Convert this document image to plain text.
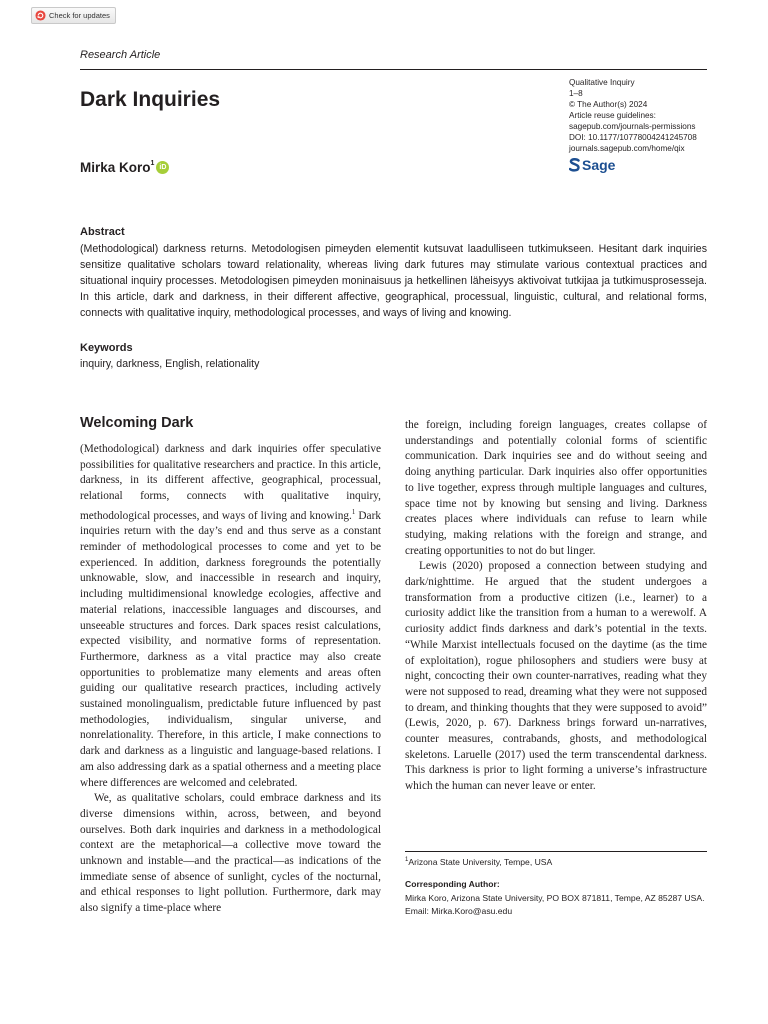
Check for updates
Research Article
Dark Inquiries
Mirka Koro$^1$
iD
Qualitative Inquiry
1–8
© The Author(s) 2024
Article reuse guidelines:
sagepub.com/journals-permissions
DOI: 10.1177/10778004241245708
journals.sagepub.com/home/qix
Sage
Abstract

(Methodological) darkness returns. Metodologisen pimeyden elementit kutsuvat laadulliseen tutkimukseen. Hesitant dark inquiries sensitize qualitative scholars toward relationality, whereas living dark futures may stimulate various contextual practices and situational inquiry processes. Metodologisen pimeyden moninaisuus ja hetkellinen läheisyys aktivoivat tutkijaa ja tutkimusprosesseja. In this article, dark and darkness, in their different affective, geographical, processual, linguistic, cultural, and relational forms, connects with qualitative inquiry, methodological processes, and ways of living and knowing.

Keywords
inquiry, darkness, English, relationality
Welcoming Dark

(Methodological) darkness and dark inquiries offer speculative possibilities for qualitative researchers and practice. In this article, darkness, in its different affective, geographical, processual, relational forms, connects with qualitative inquiry, methodological processes, and ways of living and knowing.$^1$ Dark inquiries return with the day’s end and thus serve as a constant reminder of methodological processes to come and yet to be experienced. In addition, darkness foregrounds the potentially unknowable, slow, and inaccessible in research and inquiry, including multidimensional knowledge ecologies, affective and material relations, inaccessible languages and discourses, and unseeable structures and forces. Dark spaces resist calculations, expected visibility, and normative forms of representation. Furthermore, darkness as a vital practice may also create opportunities to problematize many elements and areas often guiding our qualitative research practices, including actively sustained monolingualism, predictable future influenced by past methodologies, individualism, singular universe, and nonrelationality. Therefore, in this article, I make connections to dark and darkness as a linguistic and language-based relations. I am also addressing dark as a spatial otherness and a meeting place where differences are welcomed and celebrated.

We, as qualitative scholars, could embrace darkness and its diverse dimensions within, across, between, and beyond ourselves. Both dark inquiries and darkness in a methodological context are the metaphorical—a collective move toward the unknown and instable—and the practical—as indications of the immediate sense of absence of sunlight, cycles of the nocturnal, and ethical responses to light pollution. Furthermore, dark may also signify a time-place where

the foreign, including foreign languages, creates collapse of understandings and potentially colonial forms of scientific communication. Dark inquiries see and do without seeing and doing anything particular. Dark inquiries also offer opportunities to live together, express through multiple languages and cultures, space time not by knowing but sensing and living. Darkness creates places where individuals can refuse to learn while studying, making relations with the foreign and strange, and creating opportunities to not do but linger.

Lewis (2020) proposed a connection between studying and dark/nighttime. He argued that the student undergoes a transformation from a productive citizen (i.e., learner) to a curiosity addict like the transition from a human to a werewolf. A curiosity addict finds darkness and dark’s potential in the texts. “While Marxist intellectuals focused on the daytime (as the time of exploitation), rogue philosophers and studiers were busy at night, concocting their own counter-narratives, reading what they were not supposed to read, dreaming what they were not supposed to dream, and thinking thoughts that they were supposed to avoid” (Lewis, 2020, p. 67). Darkness brings forward un-narratives, counter measures, contrabands, ghosts, and methodological skeletons. Laruelle (2017) used the term transcendental darkness. This darkness is prior to light forming a universe’s infrastructure which the human can never leave or enter.

$^1$Arizona State University, Tempe, USA
Corresponding Author:
Mirka Koro, Arizona State University, PO BOX 871811, Tempe, AZ 85287 USA.
Email: Mirka.Koro@asu.edu
